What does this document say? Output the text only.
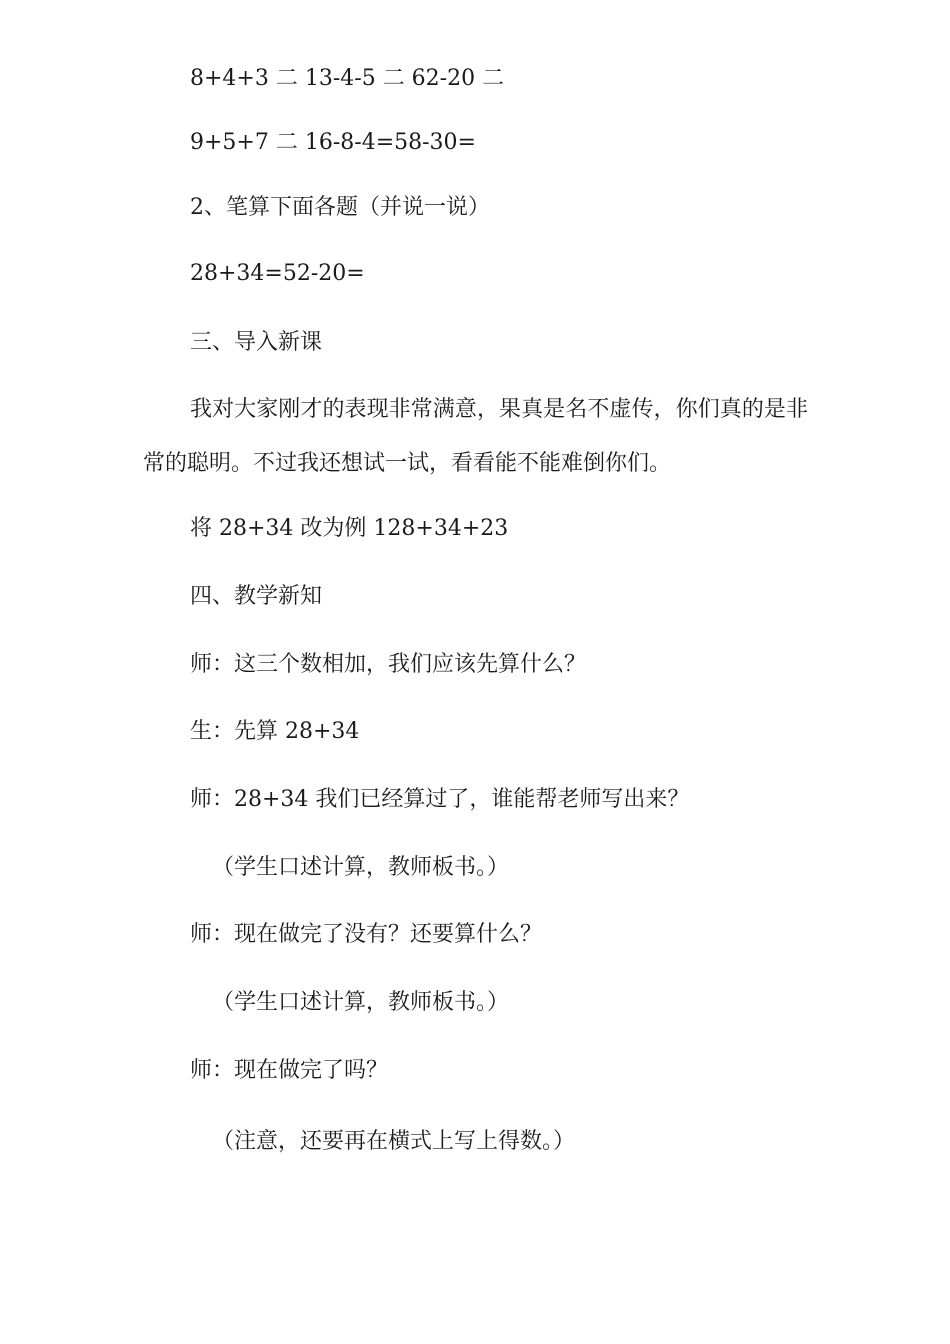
8+4+3 二 13-4-5 二 62-20 二
9+5+7 二 16-8-4=58-30=
2、笔算下面各题（并说一说）
28+34=52-20=
三、导入新课
我对大家刚才的表现非常满意，果真是名不虚传，你们真的是非常的聪明。不过我还想试一试，看看能不能难倒你们。
将 28+34 改为例 128+34+23
四、教学新知
师：这三个数相加，我们应该先算什么？
生：先算 28+34
师：28+34 我们已经算过了，谁能帮老师写出来？
（学生口述计算，教师板书。）
师：现在做完了没有？还要算什么？
（学生口述计算，教师板书。）
师：现在做完了吗？
（注意，还要再在横式上写上得数。）
